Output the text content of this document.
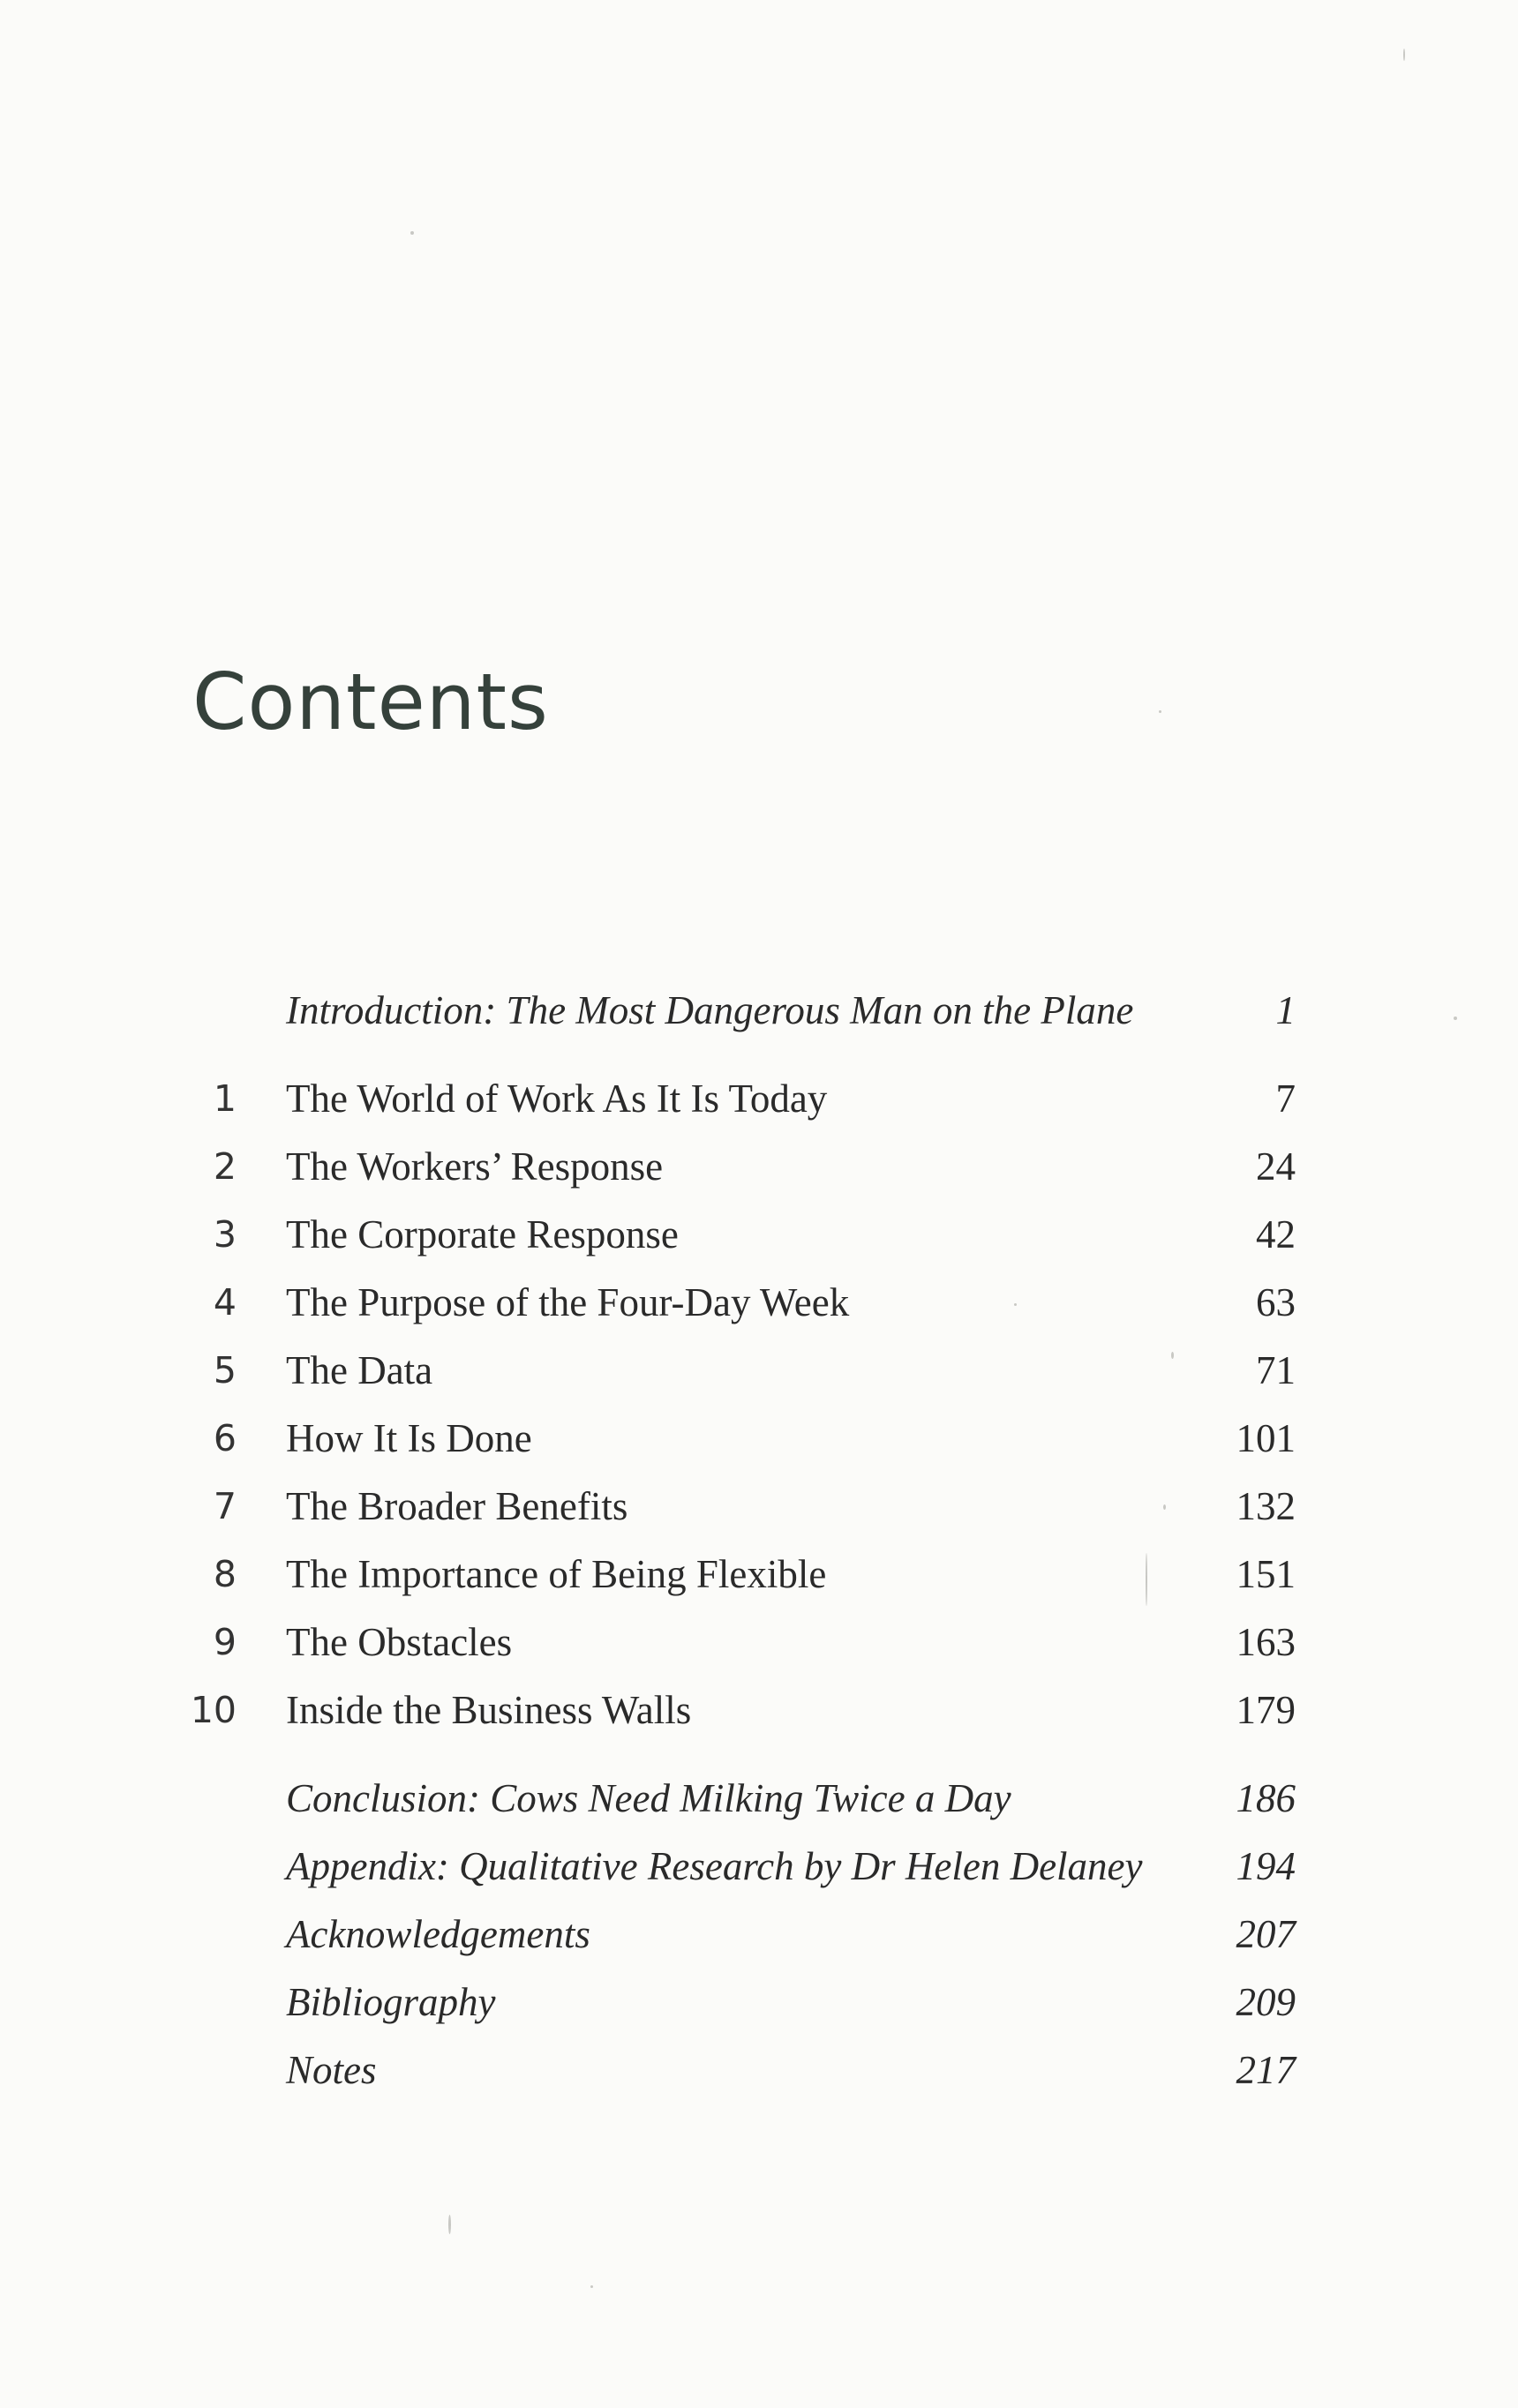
Contents
Introduction: The Most Dangerous Man on the Plane	1
1 The World of Work As It Is Today	7
2 The Workers’ Response	24
3 The Corporate Response	42
4 The Purpose of the Four-Day Week	63
5 The Data	71
6 How It Is Done	101
7 The Broader Benefits	132
8 The Importance of Being Flexible	151
9 The Obstacles	163
10 Inside the Business Walls	179
Conclusion: Cows Need Milking Twice a Day	186
Appendix: Qualitative Research by Dr Helen Delaney 194
Acknowledgements	207
Bibliography	209
Notes	217
